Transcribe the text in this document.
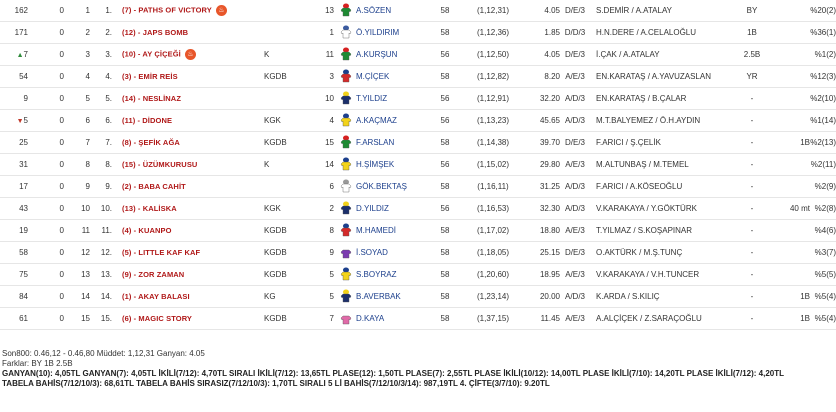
162	0	1	1.	(7) - PATHS OF VICTORY ♨		13		A.SÖZEN	58	(1,12,31)	4.05	D/E/3	S.DEMİR / A.ATALAY	BY		%20(2)
171	0	2	2.	(12) - JAPS BOMB		1		Ö.YILDIRIM	58	(1,12,36)	1.85	D/D/3	H.N.DERE / A.CELALOĞLU	1B		%36(1)
▲7	0	3	3.	(10) - AY ÇİÇEĞİ ♨	K	11		A.KURŞUN	56	(1,12,50)	4.05	D/E/3	İ.ÇAK / A.ATALAY	2.5B		%1(2)
54	0	4	4.	(3) - EMİR REİS	KGDB	3		M.ÇİÇEK	58	(1,12,82)	8.20	A/E/3	EN.KARATAŞ / A.YAVUZASLAN	YR		%12(3)
9	0	5	5.	(14) - NESLİNAZ		10		T.YILDIZ	56	(1,12,91)	32.20	A/D/3	EN.KARATAŞ / B.ÇALAR	-		%2(10)
▼5	0	6	6.	(11) - DİDONE	KGK	4		A.KAÇMAZ	56	(1,13,23)	45.65	A/D/3	M.T.BALYEMEZ / Ö.H.AYDIN	-		%1(14)
25	0	7	7.	(8) - ŞEFİK AĞA	KGDB	15		F.ARSLAN	58	(1,14,38)	39.70	D/E/3	F.ARICI / Ş.ÇELİK	-	1B	%2(13)
31	0	8	8.	(15) - ÜZÜMKURUSU	K	14		H.ŞİMŞEK	56	(1,15,02)	29.80	A/E/3	M.ALTUNBAŞ / M.TEMEL	-		%2(11)
17	0	9	9.	(2) - BABA CAHİT		6		GÖK.BEKTAŞ	58	(1,16,11)	31.25	A/D/3	F.ARICI / A.KÖSEOĞLU	-		%2(9)
43	0	10	10.	(13) - KALİSKA	KGK	2		D.YILDIZ	56	(1,16,53)	32.30	A/D/3	V.KARAKAYA / Y.GÖKTÜRK	-	40 mt	%2(8)
19	0	11	11.	(4) - KUANPO	KGDB	8		M.HAMEDİ	58	(1,17,02)	18.80	A/E/3	T.YILMAZ / S.KOŞAPINAR	-		%4(6)
58	0	12	12.	(5) - LITTLE KAF KAF	KGDB	9		İ.SOYAD	58	(1,18,05)	25.15	D/E/3	O.AKTÜRK / M.Ş.TUNÇ	-		%3(7)
75	0	13	13.	(9) - ZOR ZAMAN	KGDB	5		S.BOYRAZ	58	(1,20,60)	18.95	A/E/3	V.KARAKAYA / V.H.TUNCER	-		%5(5)
84	0	14	14.	(1) - AKAY BALASI	KG	5		B.AVERBAK	58	(1,23,14)	20.00	A/D/3	K.ARDA / S.KILIÇ	-	1B	%5(4)
61	0	15	15.	(6) - MAGIC STORY	KGDB	7		D.KAYA	58	(1,37,15)	11.45	A/E/3	A.ALÇİÇEK / Z.SARAÇOĞLU	-	1B	%5(4)
Son800: 0.46,12 - 0.46,80 Müddet: 1,12,31 Ganyan: 4.05
Farklar: BY 1B 2.5B
GANYAN(10): 4,05TL GANYAN(7): 4,05TL İKİLİ(7/12): 4,70TL SIRALI İKİLİ(7/12): 13,65TL PLASE(12): 1,50TL PLASE(7): 2,55TL PLASE İKİLİ(10/12): 14,00TL PLASE İKİLİ(7/10): 14,20TL PLASE İKİLİ(7/12): 4,20TL TABELA BAHİS(7/12/10/3): 68,61TL TABELA BAHİS SIRASIZ(7/12/10/3): 1,70TL SIRALI 5 Lİ BAHİS(7/12/10/3/14): 987,19TL 4. ÇİFTE(3/7/10): 9.20TL
